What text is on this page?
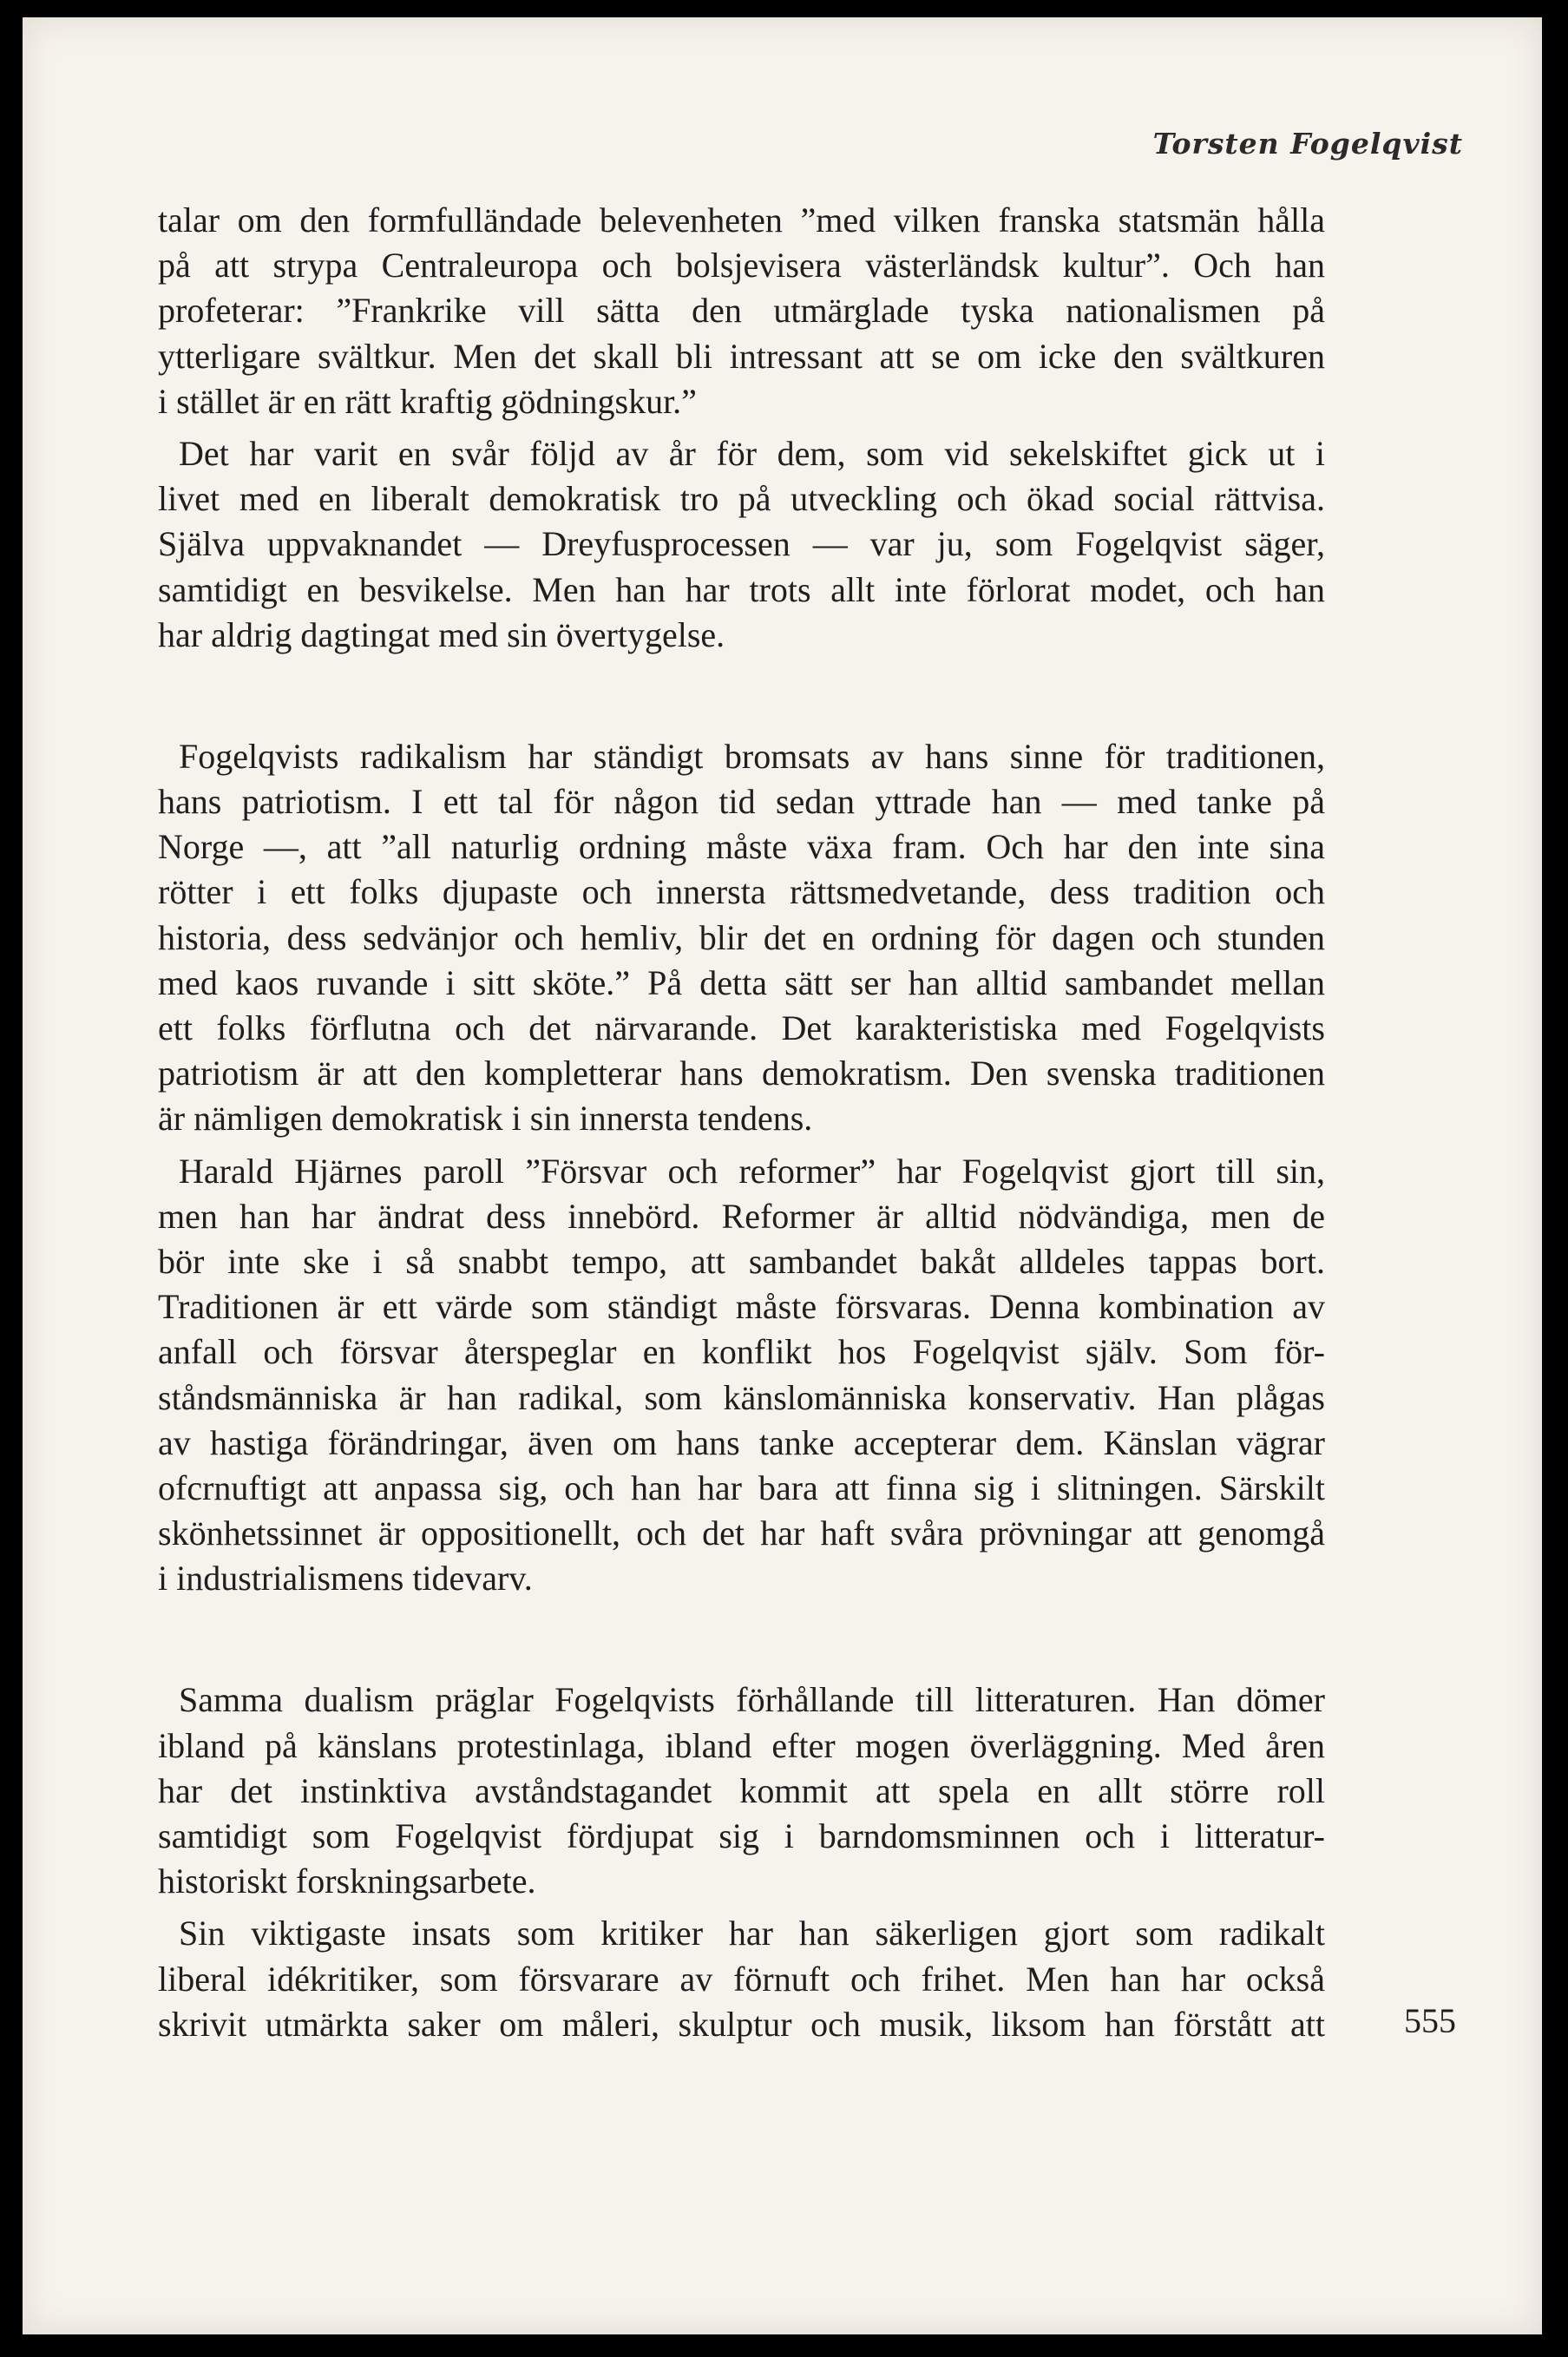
Torsten Fogelqvist
talar om den formfulländade belevenheten ”med vilken franska statsmän hålla
på att strypa Centraleuropa och bolsjevisera västerländsk kultur”. Och han
profeterar: ”Frankrike vill sätta den utmärglade tyska nationalismen på
ytterligare svältkur. Men det skall bli intressant att se om icke den svältkuren
i stället är en rätt kraftig gödningskur.”
Det har varit en svår följd av år för dem, som vid sekelskiftet gick ut i
livet med en liberalt demokratisk tro på utveckling och ökad social rättvisa.
Själva uppvaknandet — Dreyfusprocessen — var ju, som Fogelqvist säger,
samtidigt en besvikelse. Men han har trots allt inte förlorat modet, och han
har aldrig dagtingat med sin övertygelse.
Fogelqvists radikalism har ständigt bromsats av hans sinne för traditionen,
hans patriotism. I ett tal för någon tid sedan yttrade han — med tanke på
Norge —, att ”all naturlig ordning måste växa fram. Och har den inte sina
rötter i ett folks djupaste och innersta rättsmedvetande, dess tradition och
historia, dess sedvänjor och hemliv, blir det en ordning för dagen och stunden
med kaos ruvande i sitt sköte.” På detta sätt ser han alltid sambandet mellan
ett folks förflutna och det närvarande. Det karakteristiska med Fogelqvists
patriotism är att den kompletterar hans demokratism. Den svenska traditionen
är nämligen demokratisk i sin innersta tendens.
Harald Hjärnes paroll ”Försvar och reformer” har Fogelqvist gjort till sin,
men han har ändrat dess innebörd. Reformer är alltid nödvändiga, men de
bör inte ske i så snabbt tempo, att sambandet bakåt alldeles tappas bort.
Traditionen är ett värde som ständigt måste försvaras. Denna kombination av
anfall och försvar återspeglar en konflikt hos Fogelqvist själv. Som för-
ståndsmänniska är han radikal, som känslomänniska konservativ. Han plågas
av hastiga förändringar, även om hans tanke accepterar dem. Känslan vägrar
ofcrnuftigt att anpassa sig, och han har bara att finna sig i slitningen. Särskilt
skönhetssinnet är oppositionellt, och det har haft svåra prövningar att genomgå
i industrialismens tidevarv.
Samma dualism präglar Fogelqvists förhållande till litteraturen. Han dömer
ibland på känslans protestinlaga, ibland efter mogen överläggning. Med åren
har det instinktiva avståndstagandet kommit att spela en allt större roll
samtidigt som Fogelqvist fördjupat sig i barndomsminnen och i litteratur-
historiskt forskningsarbete.
Sin viktigaste insats som kritiker har han säkerligen gjort som radikalt
liberal idékritiker, som försvarare av förnuft och frihet. Men han har också
skrivit utmärkta saker om måleri, skulptur och musik, liksom han förstått att 555
